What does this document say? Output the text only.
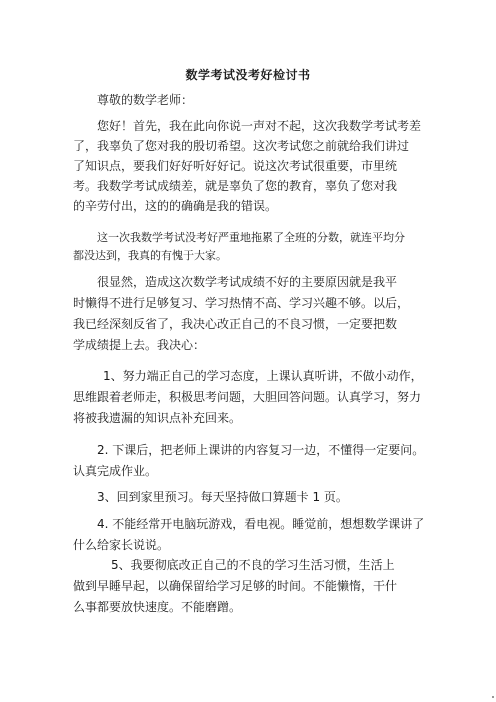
数学考试没考好检讨书
尊敬的数学老师：
您好！首先，我在此向你说一声对不起，这次我数学考试考差
了，我辜负了您对我的殷切希望。这次考试您之前就给我们讲过
了知识点，要我们好好听好好记。说这次考试很重要，市里统
考。我数学考试成绩差，就是辜负了您的教育，辜负了您对我
的辛劳付出，这的的确确是我的错误。
这一次我数学考试没考好严重地拖累了全班的分数，就连平均分
都没达到，我真的有愧于大家。
很显然，造成这次数学考试成绩不好的主要原因就是我平
时懒得不进行足够复习、学习热情不高、学习兴趣不够。以后，
我已经深刻反省了，我决心改正自己的不良习惯，一定要把数
学成绩提上去。我决心：
1、努力端正自己的学习态度，上课认真听讲，不做小动作，
思维跟着老师走，积极思考问题，大胆回答问题。认真学习，努力
将被我遗漏的知识点补充回来。
2. 下课后，把老师上课讲的内容复习一边，不懂得一定要问。
认真完成作业。
3、回到家里预习。每天坚持做口算题卡 1 页。
4. 不能经常开电脑玩游戏，看电视。睡觉前，想想数学课讲了
什么给家长说说。
5、我要彻底改正自己的不良的学习生活习惯，生活上
做到早睡早起，以确保留给学习足够的时间。不能懒惰，干什
么事都要放快速度。不能磨蹭。
